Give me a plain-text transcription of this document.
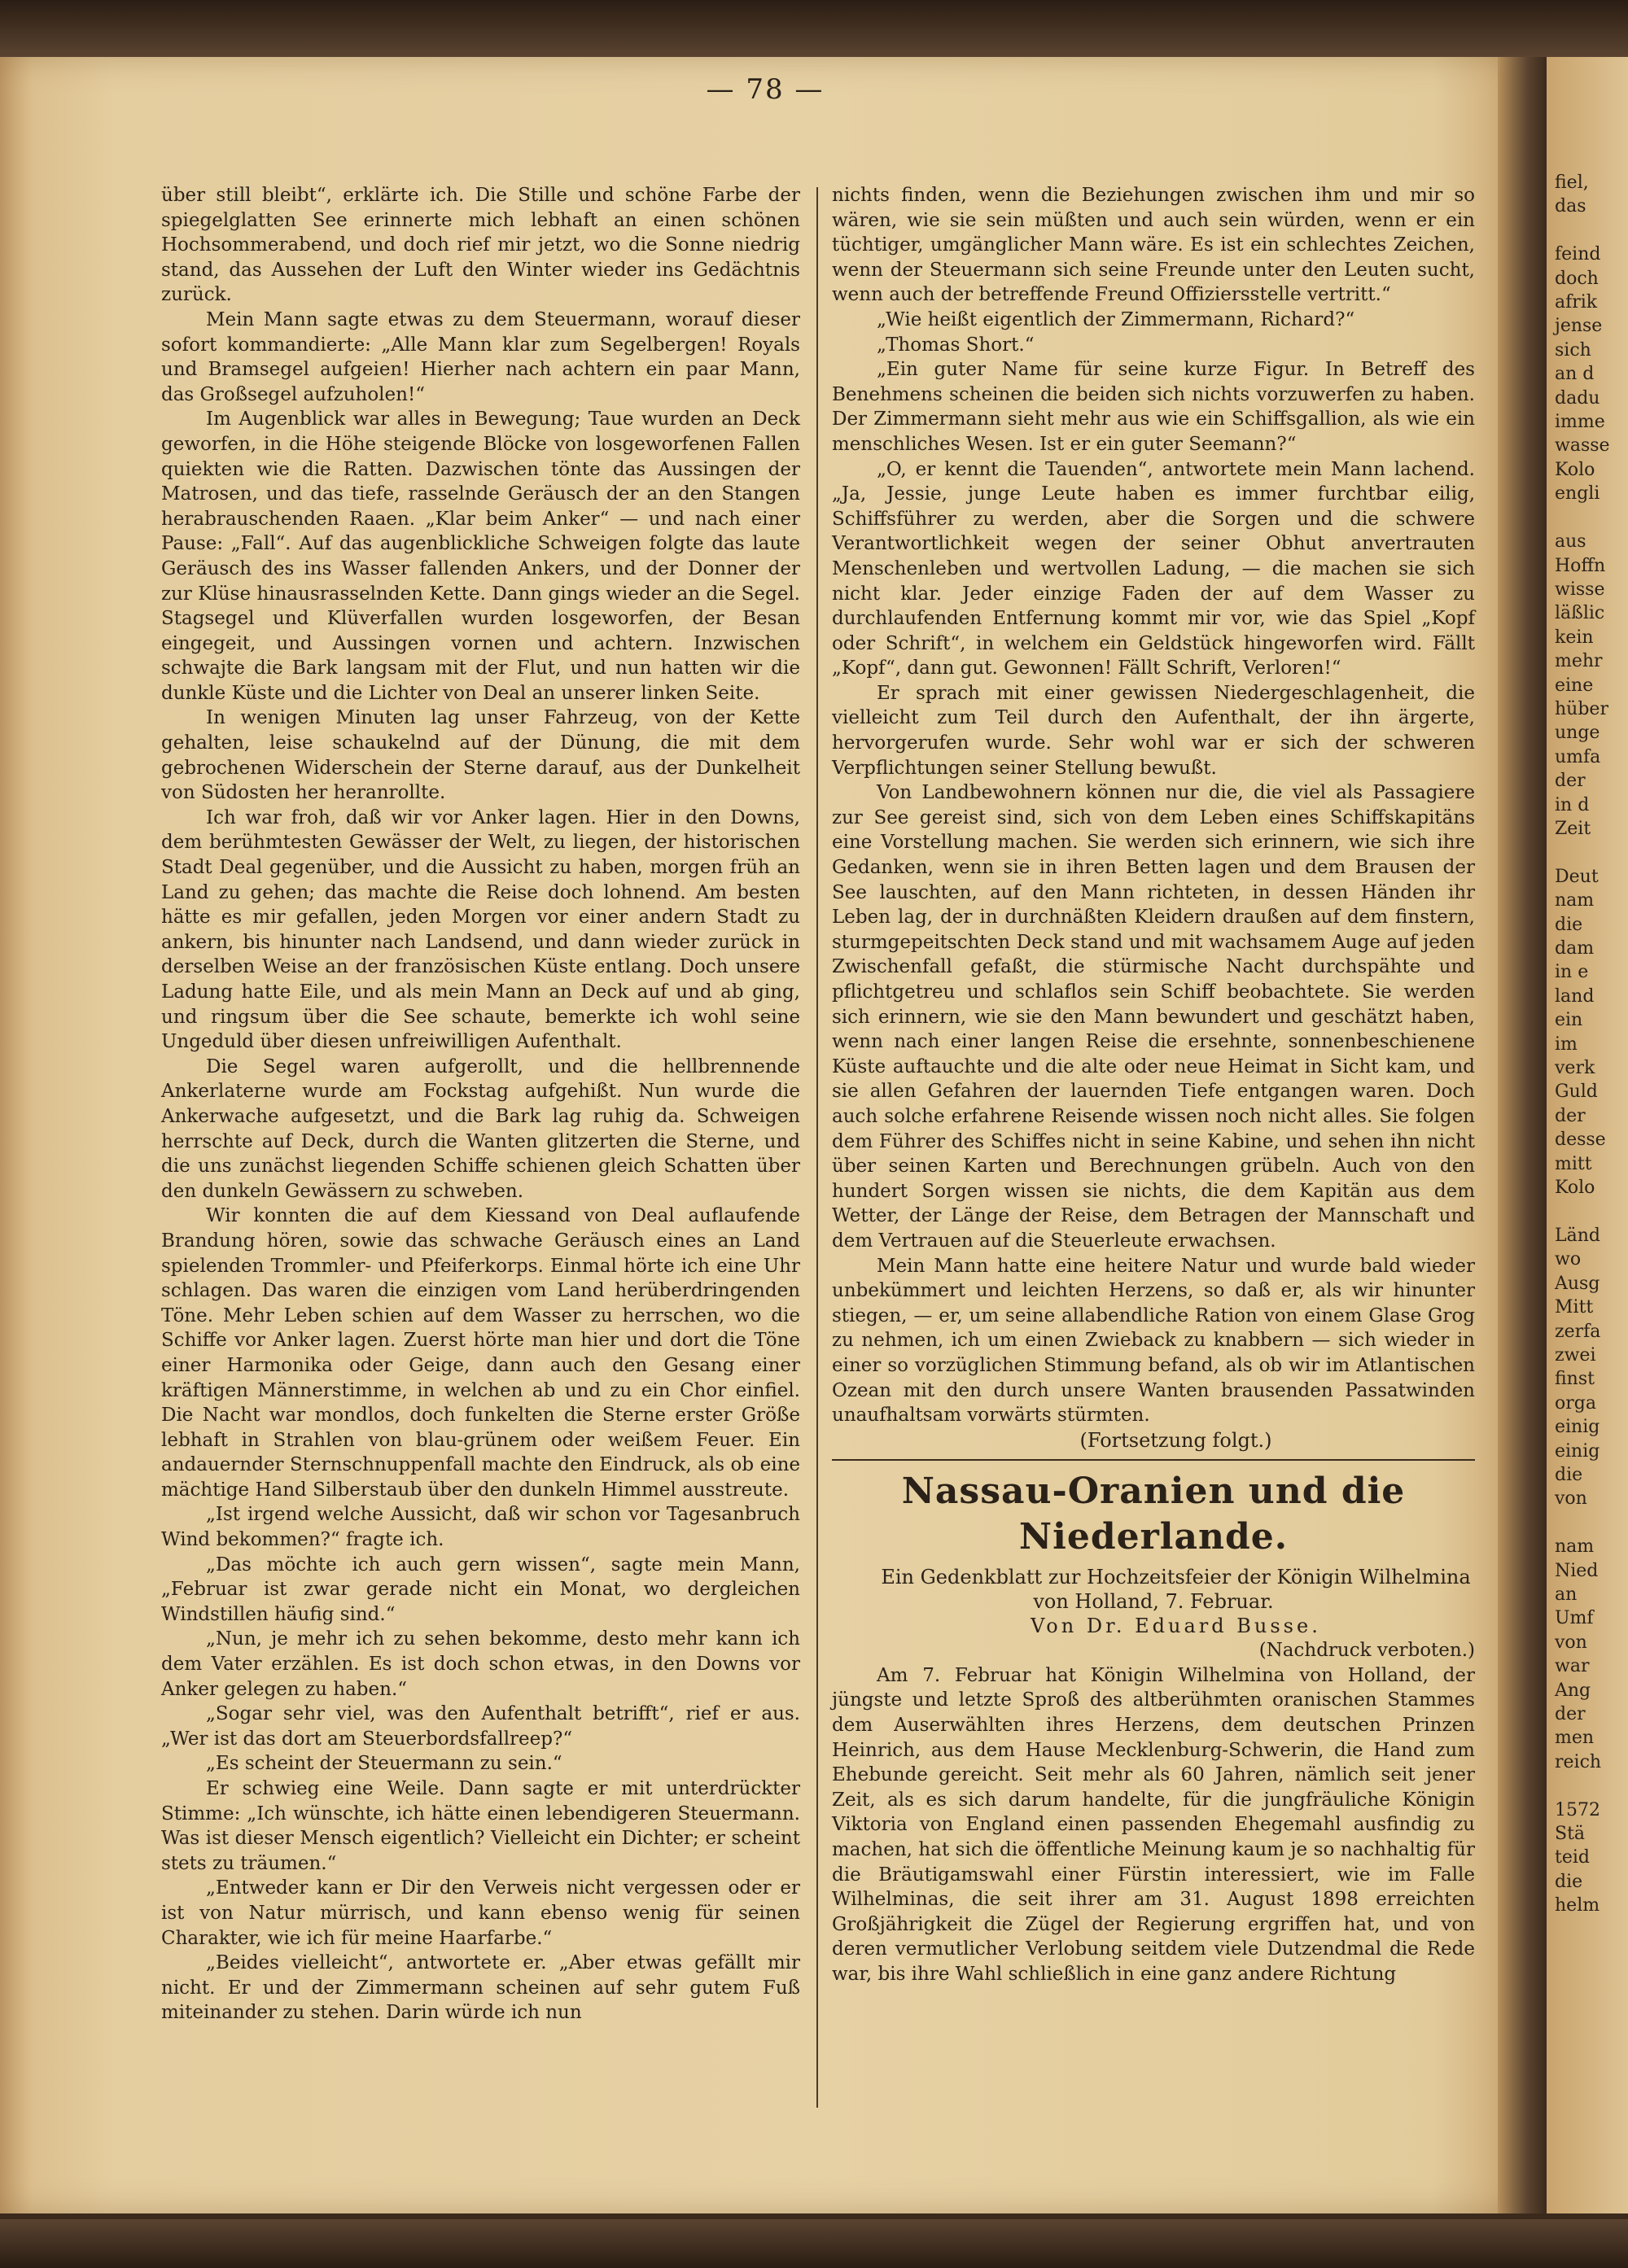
— 78 —

über still bleibt“, erklärte ich. Die Stille und schöne Farbe der spiegelglatten See erinnerte mich lebhaft an einen schönen Hochsommerabend, und doch rief mir jetzt, wo die Sonne niedrig stand, das Aussehen der Luft den Winter wieder ins Gedächtnis zurück.

Mein Mann sagte etwas zu dem Steuermann, worauf dieser sofort kommandierte: „Alle Mann klar zum Segelbergen! Royals und Bramsegel aufgeien! Hierher nach achtern ein paar Mann, das Großsegel aufzuholen!“

Im Augenblick war alles in Bewegung; Taue wurden an Deck geworfen, in die Höhe steigende Blöcke von losgeworfenen Fallen quiekten wie die Ratten. Dazwischen tönte das Aussingen der Matrosen, und das tiefe, rasselnde Geräusch der an den Stangen herabrauschenden Raaen. „Klar beim Anker“ — und nach einer Pause: „Fall“. Auf das augenblickliche Schweigen folgte das laute Geräusch des ins Wasser fallenden Ankers, und der Donner der zur Klüse hinausrasselnden Kette. Dann gings wieder an die Segel. Stagsegel und Klüverfallen wurden losgeworfen, der Besan eingegeit, und Aussingen vornen und achtern. Inzwischen schwajte die Bark langsam mit der Flut, und nun hatten wir die dunkle Küste und die Lichter von Deal an unserer linken Seite.

In wenigen Minuten lag unser Fahrzeug, von der Kette gehalten, leise schaukelnd auf der Dünung, die mit dem gebrochenen Widerschein der Sterne darauf, aus der Dunkelheit von Südosten her heranrollte.

Ich war froh, daß wir vor Anker lagen. Hier in den Downs, dem berühmtesten Gewässer der Welt, zu liegen, der historischen Stadt Deal gegenüber, und die Aussicht zu haben, morgen früh an Land zu gehen; das machte die Reise doch lohnend. Am besten hätte es mir gefallen, jeden Morgen vor einer andern Stadt zu ankern, bis hinunter nach Landsend, und dann wieder zurück in derselben Weise an der französischen Küste entlang. Doch unsere Ladung hatte Eile, und als mein Mann an Deck auf und ab ging, und ringsum über die See schaute, bemerkte ich wohl seine Ungeduld über diesen unfreiwilligen Aufenthalt.

Die Segel waren aufgerollt, und die hellbrennende Ankerlaterne wurde am Fockstag aufgehißt. Nun wurde die Ankerwache aufgesetzt, und die Bark lag ruhig da. Schweigen herrschte auf Deck, durch die Wanten glitzerten die Sterne, und die uns zunächst liegenden Schiffe schienen gleich Schatten über den dunkeln Gewässern zu schweben.

Wir konnten die auf dem Kiessand von Deal auflaufende Brandung hören, sowie das schwache Geräusch eines an Land spielenden Trommler- und Pfeiferkorps. Einmal hörte ich eine Uhr schlagen. Das waren die einzigen vom Land herüberdringenden Töne. Mehr Leben schien auf dem Wasser zu herrschen, wo die Schiffe vor Anker lagen. Zuerst hörte man hier und dort die Töne einer Harmonika oder Geige, dann auch den Gesang einer kräftigen Männerstimme, in welchen ab und zu ein Chor einfiel. Die Nacht war mondlos, doch funkelten die Sterne erster Größe lebhaft in Strahlen von blau-grünem oder weißem Feuer. Ein andauernder Sternschnuppenfall machte den Eindruck, als ob eine mächtige Hand Silberstaub über den dunkeln Himmel ausstreute.

„Ist irgend welche Aussicht, daß wir schon vor Tagesanbruch Wind bekommen?“ fragte ich.

„Das möchte ich auch gern wissen“, sagte mein Mann, „Februar ist zwar gerade nicht ein Monat, wo dergleichen Windstillen häufig sind.“

„Nun, je mehr ich zu sehen bekomme, desto mehr kann ich dem Vater erzählen. Es ist doch schon etwas, in den Downs vor Anker gelegen zu haben.“

„Sogar sehr viel, was den Aufenthalt betrifft“, rief er aus. „Wer ist das dort am Steuerbordsfallreep?“

„Es scheint der Steuermann zu sein.“

Er schwieg eine Weile. Dann sagte er mit unterdrückter Stimme: „Ich wünschte, ich hätte einen lebendigeren Steuermann. Was ist dieser Mensch eigentlich? Vielleicht ein Dichter; er scheint stets zu träumen.“

„Entweder kann er Dir den Verweis nicht vergessen oder er ist von Natur mürrisch, und kann ebenso wenig für seinen Charakter, wie ich für meine Haarfarbe.“

„Beides vielleicht“, antwortete er. „Aber etwas gefällt mir nicht. Er und der Zimmermann scheinen auf sehr gutem Fuß miteinander zu stehen. Darin würde ich nun

nichts finden, wenn die Beziehungen zwischen ihm und mir so wären, wie sie sein müßten und auch sein würden, wenn er ein tüchtiger, umgänglicher Mann wäre. Es ist ein schlechtes Zeichen, wenn der Steuermann sich seine Freunde unter den Leuten sucht, wenn auch der betreffende Freund Offiziersstelle vertritt.“

„Wie heißt eigentlich der Zimmermann, Richard?“

„Thomas Short.“

„Ein guter Name für seine kurze Figur. In Betreff des Benehmens scheinen die beiden sich nichts vorzuwerfen zu haben. Der Zimmermann sieht mehr aus wie ein Schiffsgallion, als wie ein menschliches Wesen. Ist er ein guter Seemann?“

„O, er kennt die Tauenden“, antwortete mein Mann lachend. „Ja, Jessie, junge Leute haben es immer furchtbar eilig, Schiffsführer zu werden, aber die Sorgen und die schwere Verantwortlichkeit wegen der seiner Obhut anvertrauten Menschenleben und wertvollen Ladung, — die machen sie sich nicht klar. Jeder einzige Faden der auf dem Wasser zu durchlaufenden Entfernung kommt mir vor, wie das Spiel „Kopf oder Schrift“, in welchem ein Geldstück hingeworfen wird. Fällt „Kopf“, dann gut. Gewonnen! Fällt Schrift, Verloren!“

Er sprach mit einer gewissen Niedergeschlagenheit, die vielleicht zum Teil durch den Aufenthalt, der ihn ärgerte, hervorgerufen wurde. Sehr wohl war er sich der schweren Verpflichtungen seiner Stellung bewußt.

Von Landbewohnern können nur die, die viel als Passagiere zur See gereist sind, sich von dem Leben eines Schiffskapitäns eine Vorstellung machen. Sie werden sich erinnern, wie sich ihre Gedanken, wenn sie in ihren Betten lagen und dem Brausen der See lauschten, auf den Mann richteten, in dessen Händen ihr Leben lag, der in durchnäßten Kleidern draußen auf dem finstern, sturmgepeitschten Deck stand und mit wachsamem Auge auf jeden Zwischenfall gefaßt, die stürmische Nacht durchspähte und pflichtgetreu und schlaflos sein Schiff beobachtete. Sie werden sich erinnern, wie sie den Mann bewundert und geschätzt haben, wenn nach einer langen Reise die ersehnte, sonnenbeschienene Küste auftauchte und die alte oder neue Heimat in Sicht kam, und sie allen Gefahren der lauernden Tiefe entgangen waren. Doch auch solche erfahrene Reisende wissen noch nicht alles. Sie folgen dem Führer des Schiffes nicht in seine Kabine, und sehen ihn nicht über seinen Karten und Berechnungen grübeln. Auch von den hundert Sorgen wissen sie nichts, die dem Kapitän aus dem Wetter, der Länge der Reise, dem Betragen der Mannschaft und dem Vertrauen auf die Steuerleute erwachsen.

Mein Mann hatte eine heitere Natur und wurde bald wieder unbekümmert und leichten Herzens, so daß er, als wir hinunter stiegen, — er, um seine allabendliche Ration von einem Glase Grog zu nehmen, ich um einen Zwieback zu knabbern — sich wieder in einer so vorzüglichen Stimmung befand, als ob wir im Atlantischen Ozean mit den durch unsere Wanten brausenden Passatwinden unaufhaltsam vorwärts stürmten.

(Fortsetzung folgt.)

Nassau-Oranien und die Niederlande.

Ein Gedenkblatt zur Hochzeitsfeier der Königin Wilhelmina von Holland, 7. Februar.

Von Dr. Eduard Busse.

(Nachdruck verboten.)

Am 7. Februar hat Königin Wilhelmina von Holland, der jüngste und letzte Sproß des altberühmten oranischen Stammes dem Auserwählten ihres Herzens, dem deutschen Prinzen Heinrich, aus dem Hause Mecklenburg-Schwerin, die Hand zum Ehebunde gereicht. Seit mehr als 60 Jahren, nämlich seit jener Zeit, als es sich darum handelte, für die jungfräuliche Königin Viktoria von England einen passenden Ehegemahl ausfindig zu machen, hat sich die öffentliche Meinung kaum je so nachhaltig für die Bräutigamswahl einer Fürstin interessiert, wie im Falle Wilhelminas, die seit ihrer am 31. August 1898 erreichten Großjährigkeit die Zügel der Regierung ergriffen hat, und von deren vermutlicher Verlobung seitdem viele Dutzendmal die Rede war, bis ihre Wahl schließlich in eine ganz andere Richtung

fiel,
das

feind
doch
afrik
jense
sich
an d
dadu
imme
wasse
Kolo
engli

aus
Hoffn
wisse
läßlic
kein
mehr
eine
hüber
unge
umfa
der
in d
Zeit

Deut
nam
die
dam
in e
land
ein
im
verk
Guld
der
desse
mitt
Kolo

Länd
wo
Ausg
Mitt
zerfa
zwei
finst
orga
einig
einig
die
von

nam
Nied
an
Umf
von
war
Ang
der
men
reich

1572
Stä
teid
die
helm
